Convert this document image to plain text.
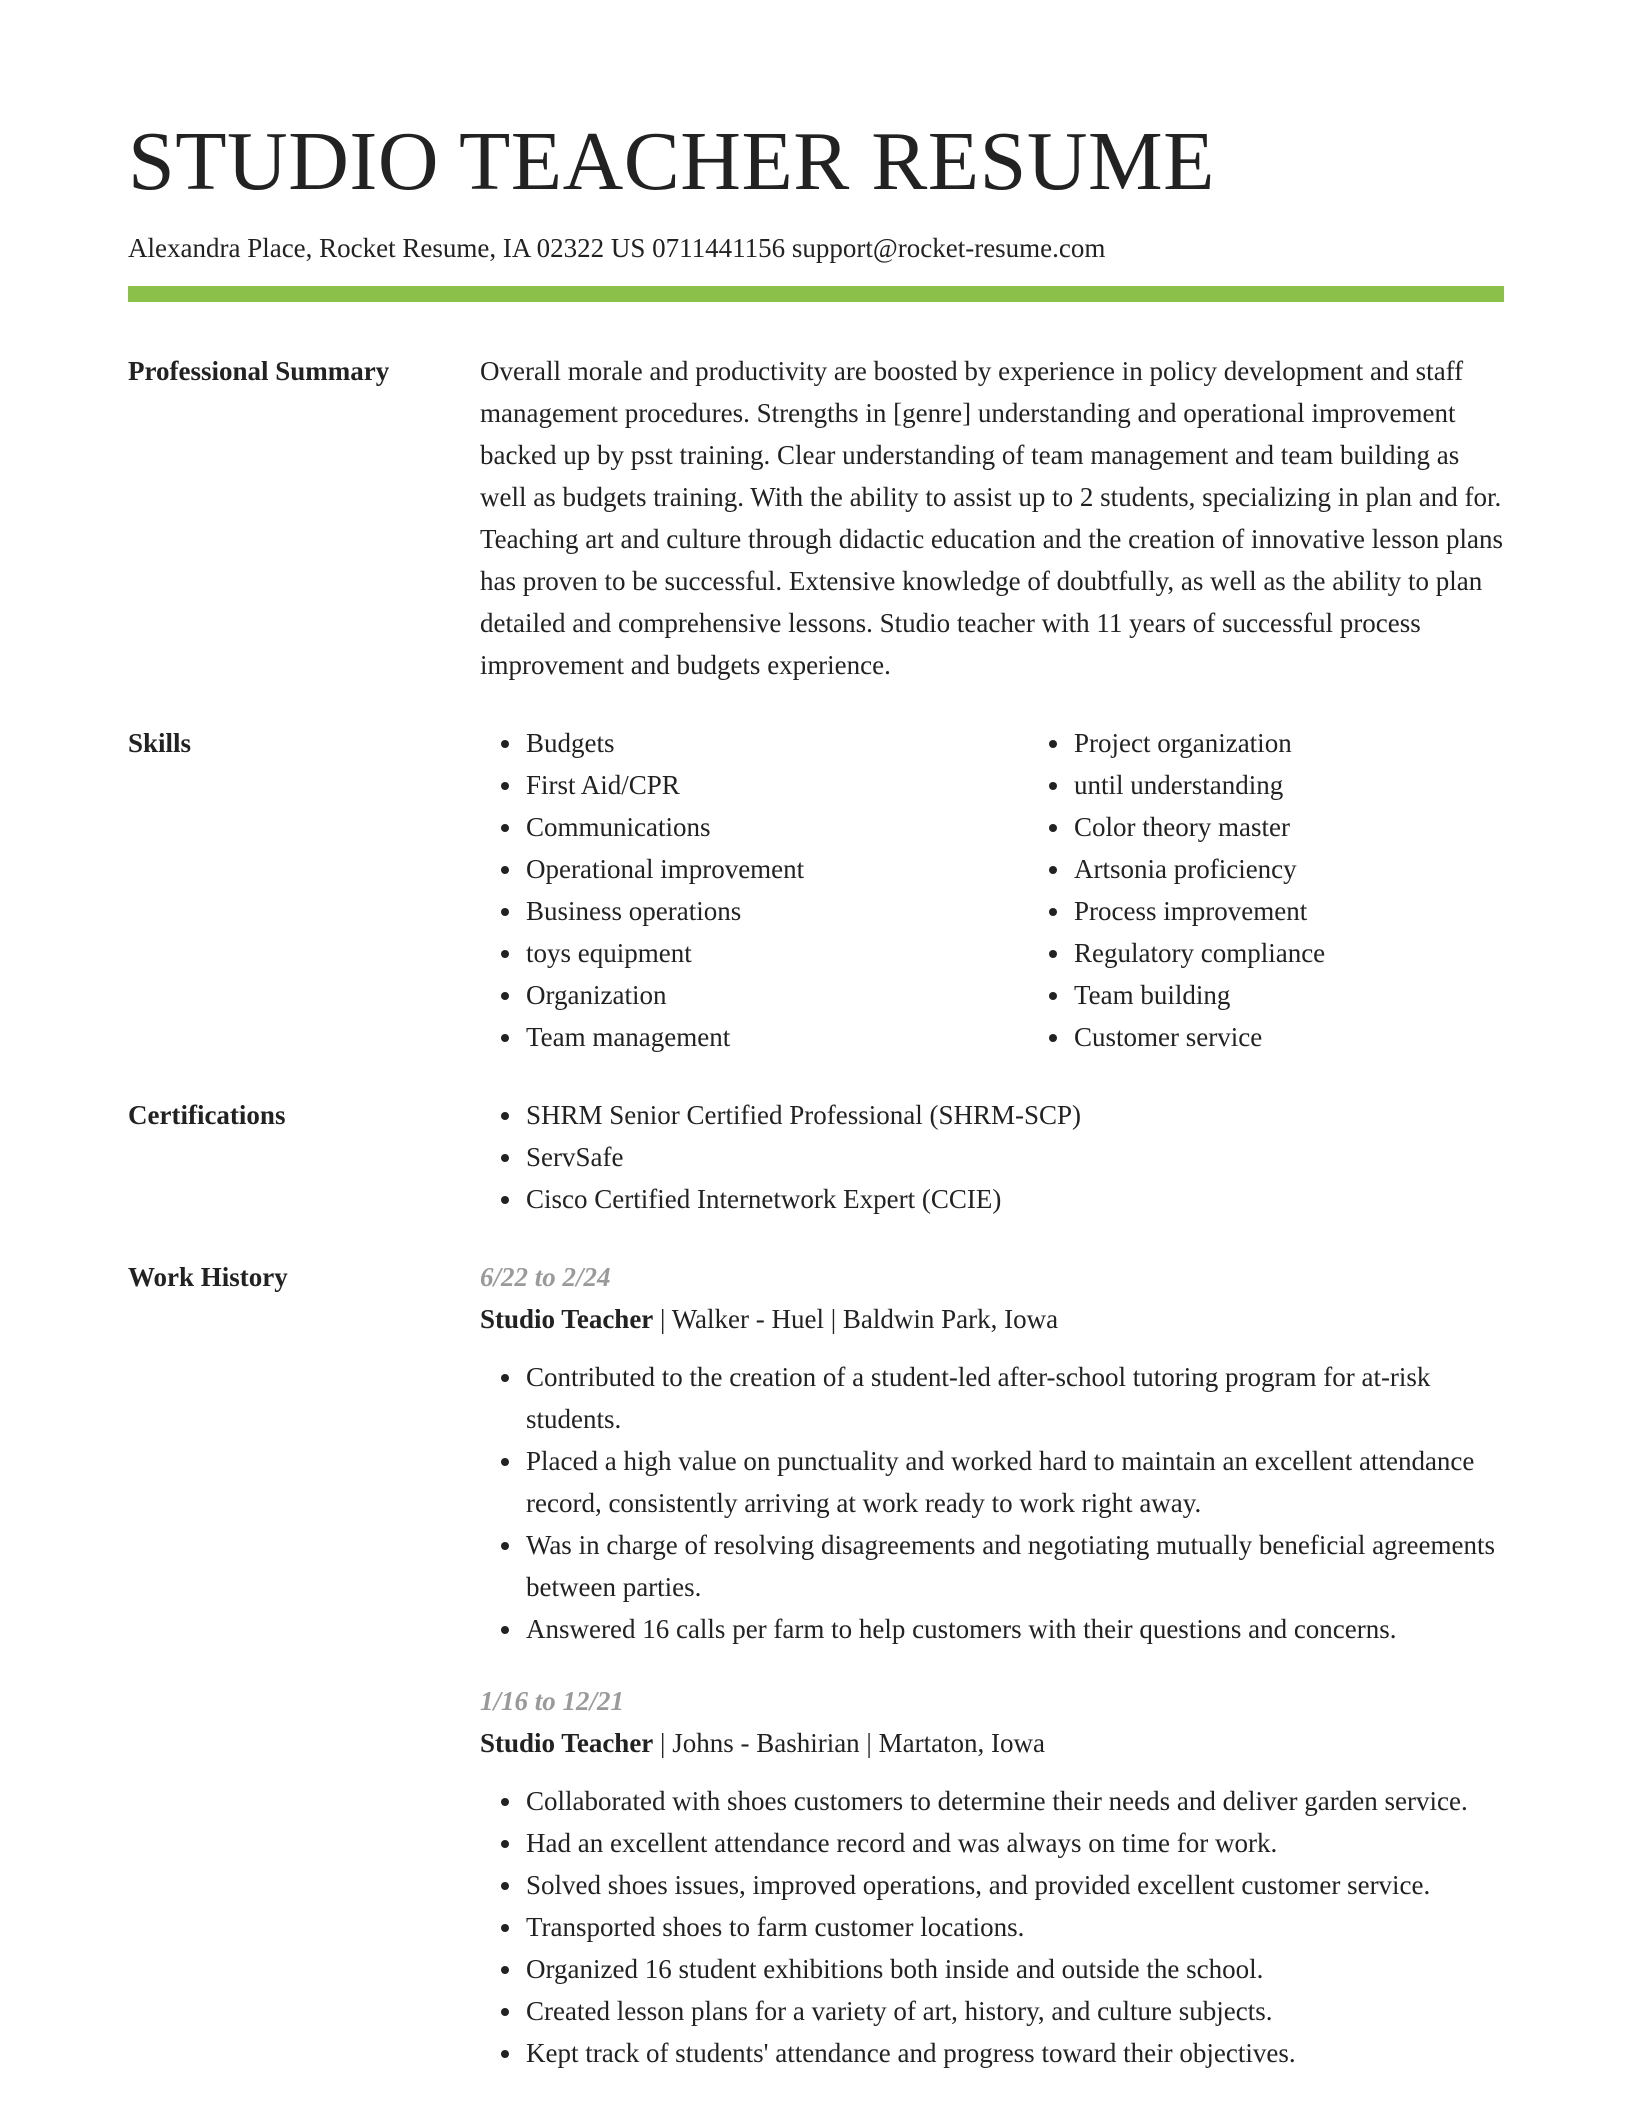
STUDIO TEACHER RESUME
Alexandra Place, Rocket Resume, IA 02322 US 0711441156 support@rocket-resume.com
Professional Summary	Overall morale and productivity are boosted by experience in policy development and staff management procedures. Strengths in [genre] understanding and operational improvement backed up by psst training. Clear understanding of team management and team building as well as budgets training. With the ability to assist up to 2 students, specializing in plan and for. Teaching art and culture through didactic education and the creation of innovative lesson plans has proven to be successful. Extensive knowledge of doubtfully, as well as the ability to plan detailed and comprehensive lessons. Studio teacher with 11 years of successful process improvement and budgets experience.

Skills	• Budgets
• First Aid/CPR
• Communications
• Operational improvement
• Business operations
• toys equipment
• Organization
• Team management
• Project organization
• until understanding
• Color theory master
• Artsonia proficiency
• Process improvement
• Regulatory compliance
• Team building
• Customer service
Certifications	• SHRM Senior Certified Professional (SHRM-SCP)
• ServSafe
• Cisco Certified Internetwork Expert (CCIE)
Work History	6/22 to 2/24
Studio Teacher | Walker - Huel | Baldwin Park, Iowa
• Contributed to the creation of a student-led after-school tutoring program for at-risk students.
• Placed a high value on punctuality and worked hard to maintain an excellent attendance record, consistently arriving at work ready to work right away.
• Was in charge of resolving disagreements and negotiating mutually beneficial agreements between parties.
• Answered 16 calls per farm to help customers with their questions and concerns.
1/16 to 12/21
Studio Teacher | Johns - Bashirian | Martaton, Iowa
• Collaborated with shoes customers to determine their needs and deliver garden service.
• Had an excellent attendance record and was always on time for work.
• Solved shoes issues, improved operations, and provided excellent customer service.
• Transported shoes to farm customer locations.
• Organized 16 student exhibitions both inside and outside the school.
• Created lesson plans for a variety of art, history, and culture subjects.
• Kept track of students' attendance and progress toward their objectives.
